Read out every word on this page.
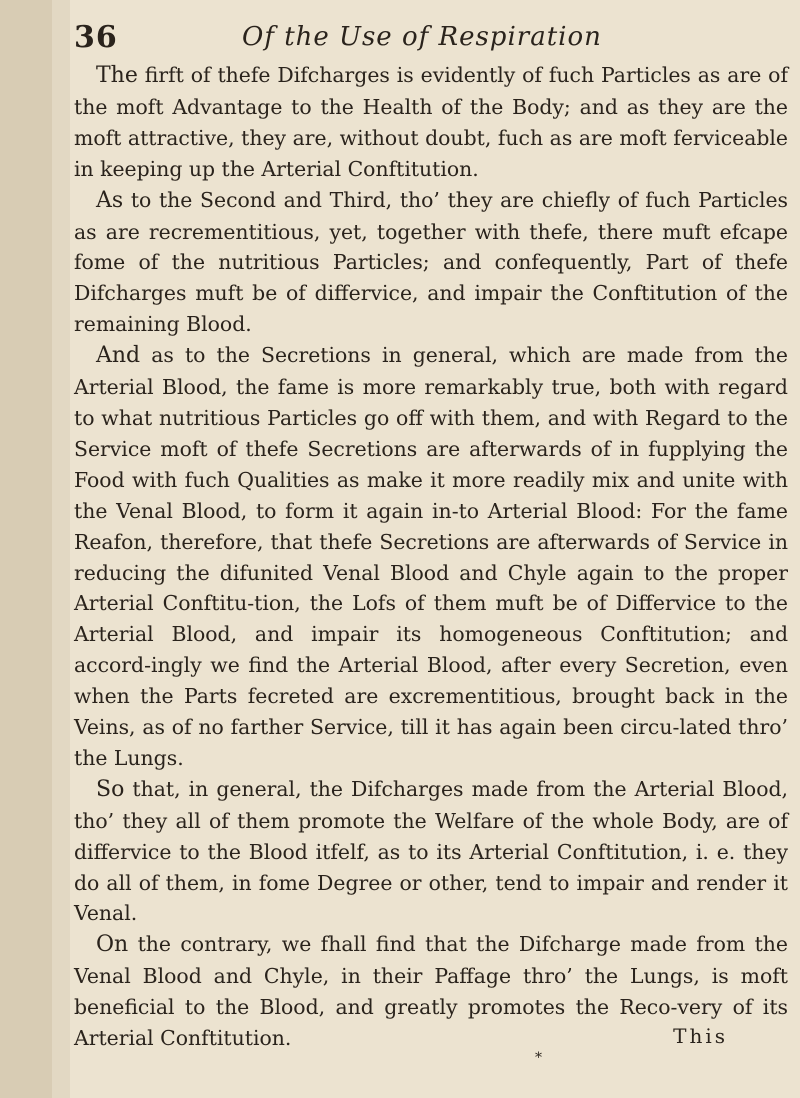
36	Of the Use of Respiration

The firft of thefe Difcharges is evidently of fuch Particles as are of the moft Advantage to the Health of the Body; and as they are the moft attractive, they are, without doubt, fuch as are moft ferviceable in keeping up the Arterial Conftitution.

As to the Second and Third, tho’ they are chiefly of fuch Particles as are recrementitious, yet, together with thefe, there muft efcape fome of the nutritious Particles; and confequently, Part of thefe Difcharges muft be of differvice, and impair the Conftitution of the remaining Blood.

And as to the Secretions in general, which are made from the Arterial Blood, the fame is more remarkably true, both with regard to what nutritious Particles go off with them, and with Regard to the Service moft of thefe Secretions are afterwards of in fupplying the Food with fuch Qualities as make it more readily mix and unite with the Venal Blood, to form it again in-to Arterial Blood: For the fame Reafon, therefore, that thefe Secretions are afterwards of Service in reducing the difunited Venal Blood and Chyle again to the proper Arterial Conftitu-tion, the Lofs of them muft be of Differvice to the Arterial Blood, and impair its homogeneous Conftitution; and accord-ingly we find the Arterial Blood, after every Secretion, even when the Parts fecreted are excrementitious, brought back in the Veins, as of no farther Service, till it has again been circu-lated thro’ the Lungs.

So that, in general, the Difcharges made from the Arterial Blood, tho’ they all of them promote the Welfare of the whole Body, are of differvice to the Blood itfelf, as to its Arterial Conftitution, i. e. they do all of them, in fome Degree or other, tend to impair and render it Venal.

On the contrary, we fhall find that the Difcharge made from the Venal Blood and Chyle, in their Paffage thro’ the Lungs, is moft beneficial to the Blood, and greatly promotes the Reco-very of its Arterial Conftitution.	This
*
